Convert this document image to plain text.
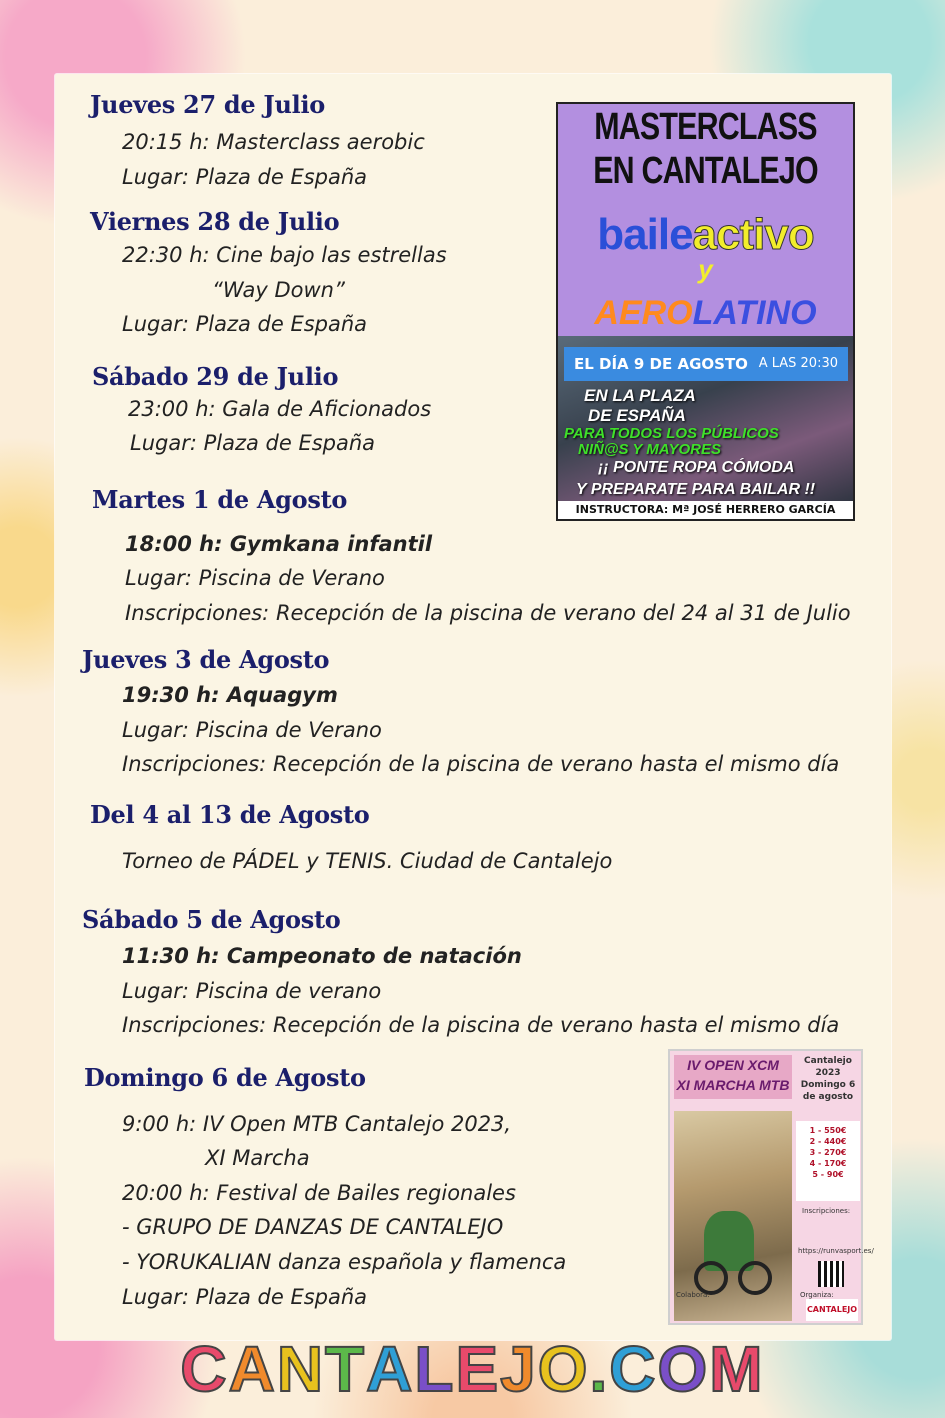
Jueves 27 de Julio
20:15 h: Masterclass aerobic
Lugar: Plaza de España
Viernes 28 de Julio
22:30 h: Cine bajo las estrellas
“Way Down”
Lugar: Plaza de España
Sábado 29 de Julio
23:00 h: Gala de Aficionados
Lugar: Plaza de España
Martes 1 de Agosto
18:00 h: Gymkana infantil
Lugar: Piscina de Verano
Inscripciones: Recepción de la piscina de verano del 24 al 31 de Julio
Jueves 3 de Agosto
19:30 h: Aquagym
Lugar: Piscina de Verano
Inscripciones: Recepción de la piscina de verano hasta el mismo día
Del 4 al 13 de Agosto
Torneo de PÁDEL y TENIS. Ciudad de Cantalejo
Sábado 5 de Agosto
11:30 h: Campeonato de natación
Lugar: Piscina de verano
Inscripciones: Recepción de la piscina de verano hasta el mismo día
Domingo 6 de Agosto
9:00 h: IV Open MTB Cantalejo 2023,
XI Marcha
20:00 h: Festival de Bailes regionales
- GRUPO DE DANZAS DE CANTALEJO
- YORUKALIAN danza española y flamenca
Lugar: Plaza de España
MASTERCLASS
EN CANTALEJO
baileactivo
y
AEROLATINO
EL DÍA 9 DE AGOSTO A LAS 20:30
EN LA PLAZA
DE ESPAÑA
PARA TODOS LOS PÚBLICOS
NIÑ@S Y MAYORES
¡¡ PONTE ROPA CÓMODA
Y PREPARATE PARA BAILAR !!
INSTRUCTORA: Mª JOSÉ HERRERO GARCÍA
IV OPEN XCM
XI MARCHA MTB
Cantalejo
2023
Domingo 6
de agosto
1 - 550€
2 - 440€
3 - 270€
4 - 170€
5 - 90€
Inscripciones:
https://runvasport.es/
Colabora:	Organiza:
CANTALEJO
CANTALEJO.COM
